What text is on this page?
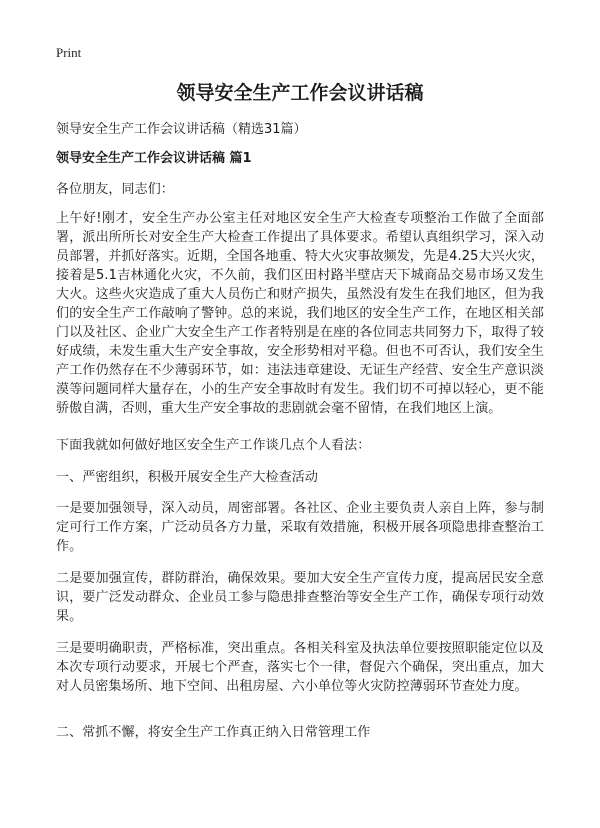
Print
领导安全生产工作会议讲话稿

领导安全生产工作会议讲话稿（精选31篇）

领导安全生产工作会议讲话稿 篇1

各位朋友，同志们：

上午好!刚才，安全生产办公室主任对地区安全生产大检查专项整治工作做了全面部署，派出所所长对安全生产大检查工作提出了具体要求。希望认真组织学习，深入动员部署，并抓好落实。近期，全国各地重、特大火灾事故频发，先是4.25大兴火灾，接着是5.1吉林通化火灾，不久前，我们区田村路半壁店天下城商品交易市场又发生大火。这些火灾造成了重大人员伤亡和财产损失，虽然没有发生在我们地区，但为我们的安全生产工作敲响了警钟。总的来说，我们地区的安全生产工作，在地区相关部门以及社区、企业广大安全生产工作者特别是在座的各位同志共同努力下，取得了较好成绩，未发生重大生产安全事故，安全形势相对平稳。但也不可否认，我们安全生产工作仍然存在不少薄弱环节，如：违法违章建设、无证生产经营、安全生产意识淡漠等问题同样大量存在，小的生产安全事故时有发生。我们切不可掉以轻心，更不能骄傲自满，否则，重大生产安全事故的悲剧就会毫不留情，在我们地区上演。

下面我就如何做好地区安全生产工作谈几点个人看法：

一、严密组织，积极开展安全生产大检查活动

一是要加强领导，深入动员，周密部署。各社区、企业主要负责人亲自上阵，参与制定可行工作方案，广泛动员各方力量，采取有效措施，积极开展各项隐患排查整治工作。

二是要加强宣传，群防群治，确保效果。要加大安全生产宣传力度，提高居民安全意识，要广泛发动群众、企业员工参与隐患排查整治等安全生产工作，确保专项行动效果。

三是要明确职责，严格标准，突出重点。各相关科室及执法单位要按照职能定位以及本次专项行动要求，开展七个严查，落实七个一律，督促六个确保，突出重点，加大对人员密集场所、地下空间、出租房屋、六小单位等火灾防控薄弱环节查处力度。

二、常抓不懈，将安全生产工作真正纳入日常管理工作
